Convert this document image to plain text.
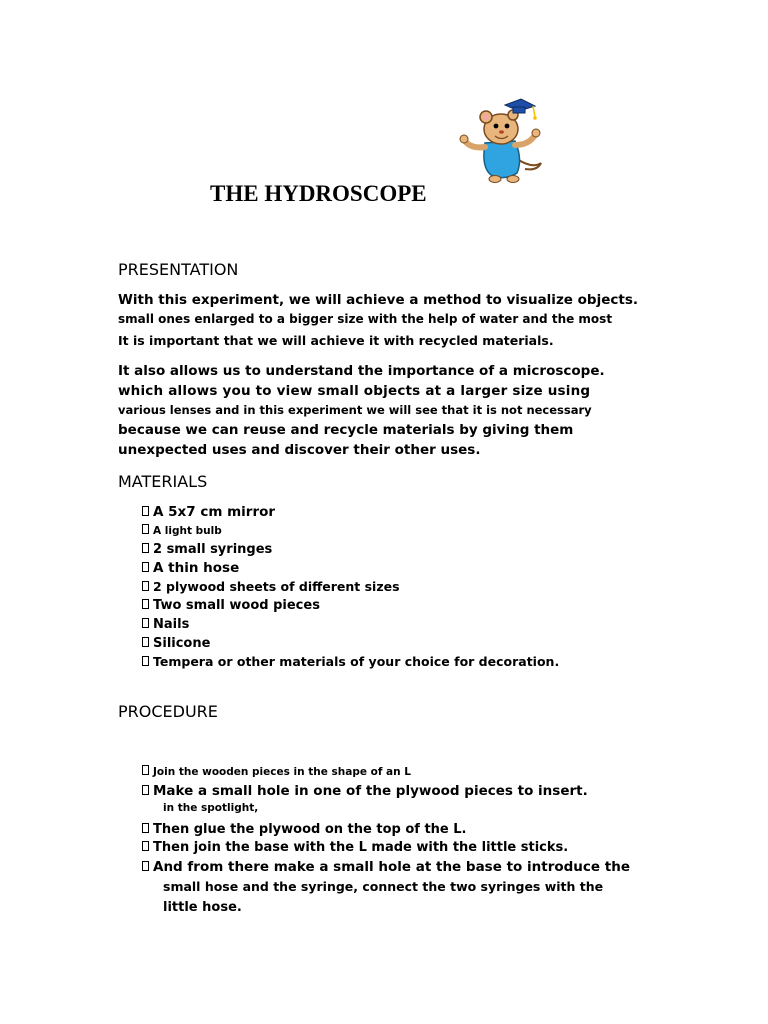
THE HYDROSCOPE
PRESENTATION
With this experiment, we will achieve a method to visualize objects.
small ones enlarged to a bigger size with the help of water and the most
It is important that we will achieve it with recycled materials.
It also allows us to understand the importance of a microscope.
which allows you to view small objects at a larger size using
various lenses and in this experiment we will see that it is not necessary
because we can reuse and recycle materials by giving them
unexpected uses and discover their other uses.
MATERIALS
A 5x7 cm mirror
A light bulb
2 small syringes
A thin hose
2 plywood sheets of different sizes
Two small wood pieces
Nails
Silicone
Tempera or other materials of your choice for decoration.
PROCEDURE
Join the wooden pieces in the shape of an L
Make a small hole in one of the plywood pieces to insert.
in the spotlight,
Then glue the plywood on the top of the L.
Then join the base with the L made with the little sticks.
And from there make a small hole at the base to introduce the
small hose and the syringe, connect the two syringes with the
little hose.
